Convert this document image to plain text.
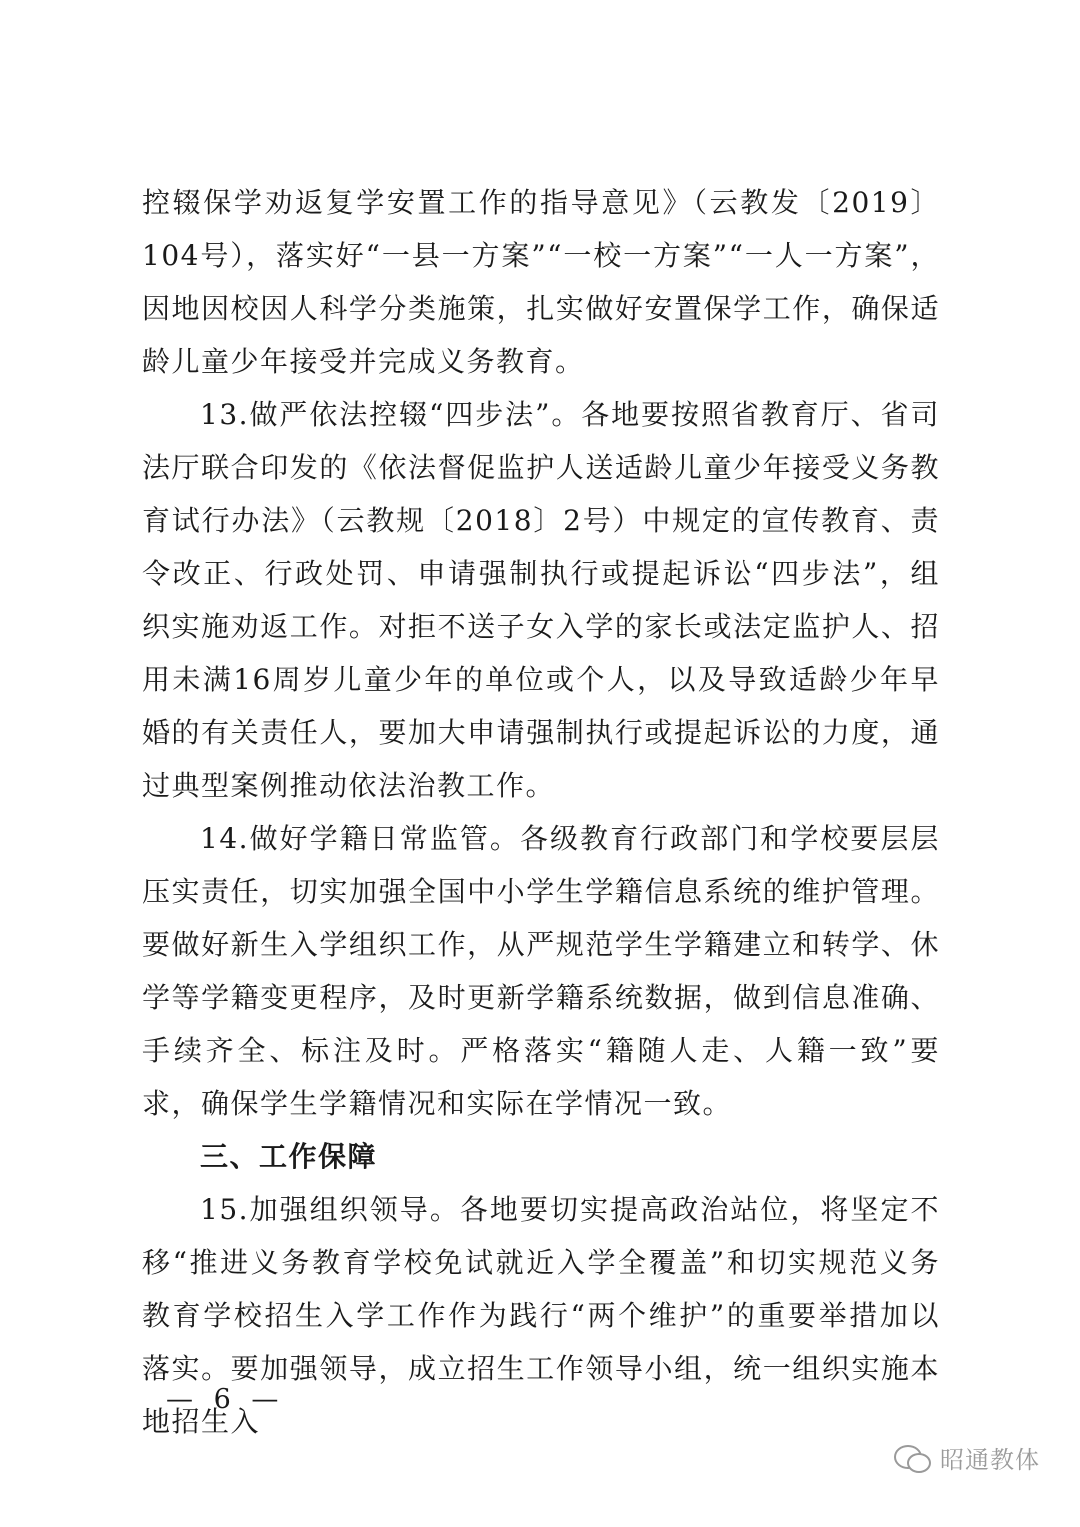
控辍保学劝返复学安置工作的指导意见》（云教发〔2019〕104号），落实好“一县一方案”“一校一方案”“一人一方案”，因地因校因人科学分类施策，扎实做好安置保学工作，确保适龄儿童少年接受并完成义务教育。

13.做严依法控辍“四步法”。各地要按照省教育厅、省司法厅联合印发的《依法督促监护人送适龄儿童少年接受义务教育试行办法》（云教规〔2018〕2号）中规定的宣传教育、责令改正、行政处罚、申请强制执行或提起诉讼“四步法”，组织实施劝返工作。对拒不送子女入学的家长或法定监护人、招用未满16周岁儿童少年的单位或个人，以及导致适龄少年早婚的有关责任人，要加大申请强制执行或提起诉讼的力度，通过典型案例推动依法治教工作。

14.做好学籍日常监管。各级教育行政部门和学校要层层压实责任，切实加强全国中小学生学籍信息系统的维护管理。要做好新生入学组织工作，从严规范学生学籍建立和转学、休学等学籍变更程序，及时更新学籍系统数据，做到信息准确、手续齐全、标注及时。严格落实“籍随人走、人籍一致”要求，确保学生学籍情况和实际在学情况一致。

三、工作保障

15.加强组织领导。各地要切实提高政治站位，将坚定不移“推进义务教育学校免试就近入学全覆盖”和切实规范义务教育学校招生入学工作作为践行“两个维护”的重要举措加以落实。要加强领导，成立招生工作领导小组，统一组织实施本地招生入

— 6 —
昭通教体
